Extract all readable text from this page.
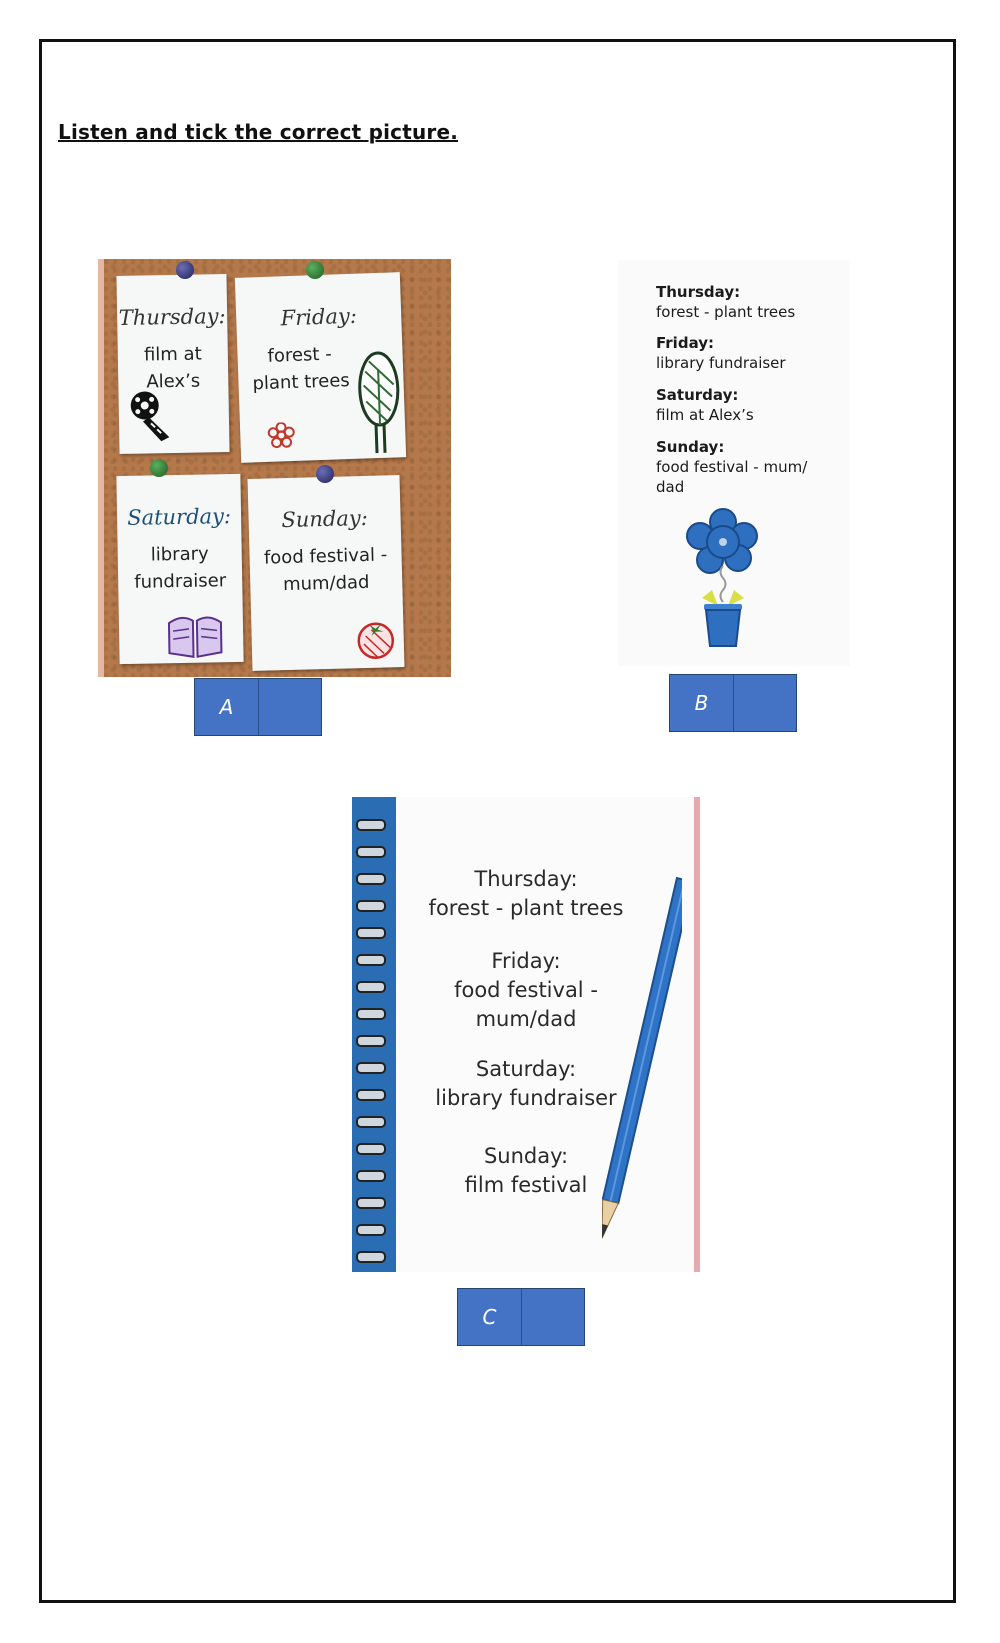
Listen and tick the correct picture.
Thursday:
film at
Alex’s
Friday:
forest -
plant trees
Saturday:
library
fundraiser
Sunday:
food festival -
mum/dad
A
Thursday:
forest - plant trees
Friday:
library fundraiser
Saturday:
film at Alex’s
Sunday:
food festival - mum/
dad
B
Thursday:
forest - plant trees
Friday:
food festival -
mum/dad
Saturday:
library fundraiser
Sunday:
film festival
C
